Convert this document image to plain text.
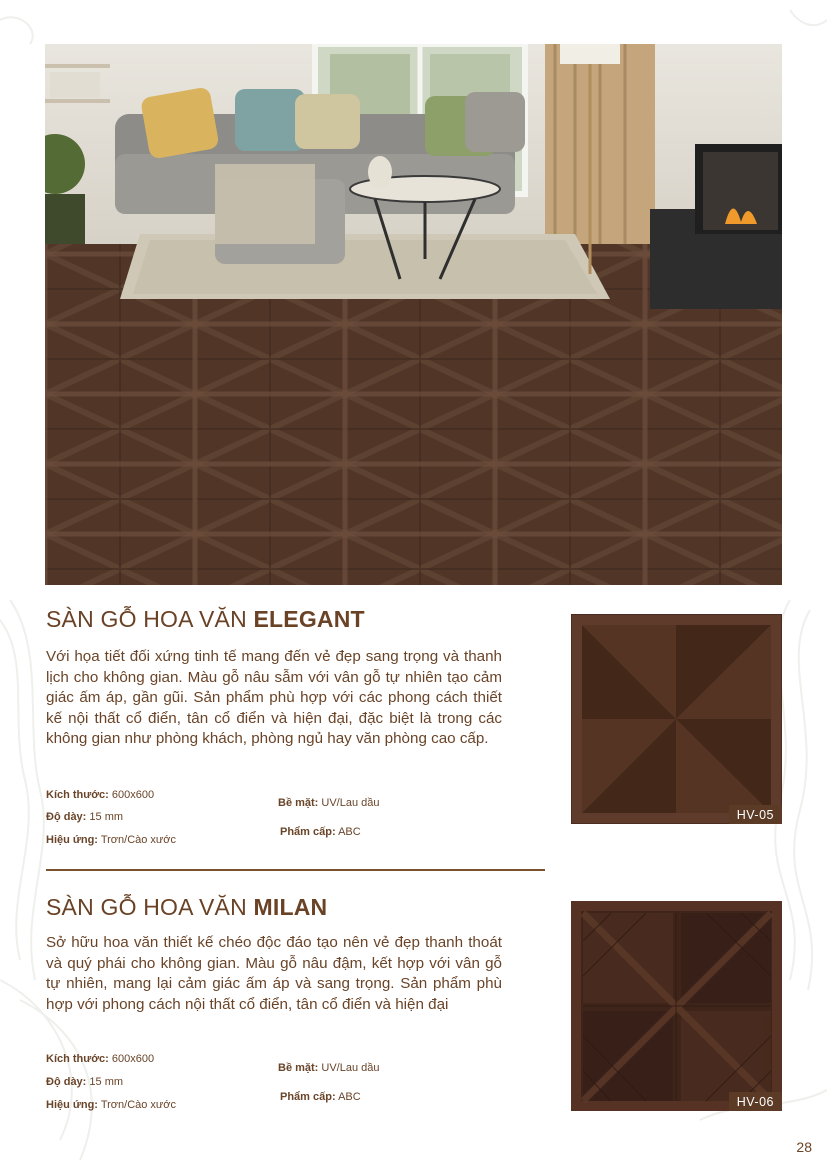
SÀN GỖ HOA VĂN ELEGANT

Với họa tiết đối xứng tinh tế mang đến vẻ đẹp sang trọng và thanh lịch cho không gian. Màu gỗ nâu sẫm với vân gỗ tự nhiên tạo cảm giác ấm áp, gần gũi. Sản phẩm phù hợp với các phong cách thiết kế nội thất cổ điển, tân cổ điển và hiện đại, đặc biệt là trong các không gian như phòng khách, phòng ngủ hay văn phòng cao cấp.

Kích thước: 600x600
Độ dày: 15 mm
Hiệu ứng: Trơn/Cào xước
Bề mặt: UV/Lau dầu
Phẩm cấp: ABC
HV-05
SÀN GỖ HOA VĂN MILAN

Sở hữu hoa văn thiết kế chéo độc đáo tạo nên vẻ đẹp thanh thoát và quý phái cho không gian. Màu gỗ nâu đậm, kết hợp với vân gỗ tự nhiên, mang lại cảm giác ấm áp và sang trọng. Sản phẩm phù hợp với phong cách nội thất cổ điển, tân cổ điển và hiện đại

Kích thước: 600x600
Độ dày: 15 mm
Hiệu ứng: Trơn/Cào xước
Bề mặt: UV/Lau dầu
Phẩm cấp: ABC	HV-06
28
